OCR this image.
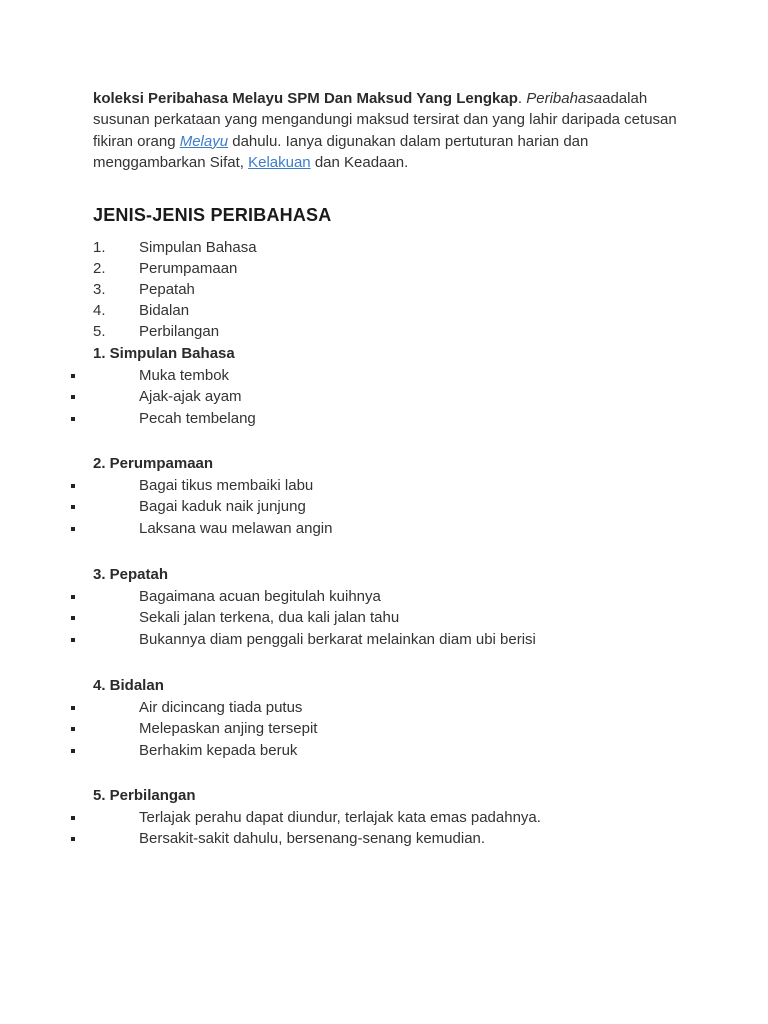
koleksi Peribahasa Melayu SPM Dan Maksud Yang Lengkap. Peribahasaadalah susunan perkataan yang mengandungi maksud tersirat dan yang lahir daripada cetusan fikiran orang Melayu dahulu. Ianya digunakan dalam pertuturan harian dan menggambarkan Sifat, Kelakuan dan Keadaan.

JENIS-JENIS PERIBAHASA
1. Simpulan Bahasa
2. Perumpamaan
3. Pepatah
4. Bidalan
5. Perbilangan
1. Simpulan Bahasa
Muka tembok
Ajak-ajak ayam
Pecah tembelang
2. Perumpamaan
Bagai tikus membaiki labu
Bagai kaduk naik junjung
Laksana wau melawan angin
3. Pepatah
Bagaimana acuan begitulah kuihnya
Sekali jalan terkena, dua kali jalan tahu
Bukannya diam penggali berkarat melainkan diam ubi berisi
4. Bidalan
Air dicincang tiada putus
Melepaskan anjing tersepit
Berhakim kepada beruk
5. Perbilangan
Terlajak perahu dapat diundur, terlajak kata emas padahnya.
Bersakit-sakit dahulu, bersenang-senang kemudian.
